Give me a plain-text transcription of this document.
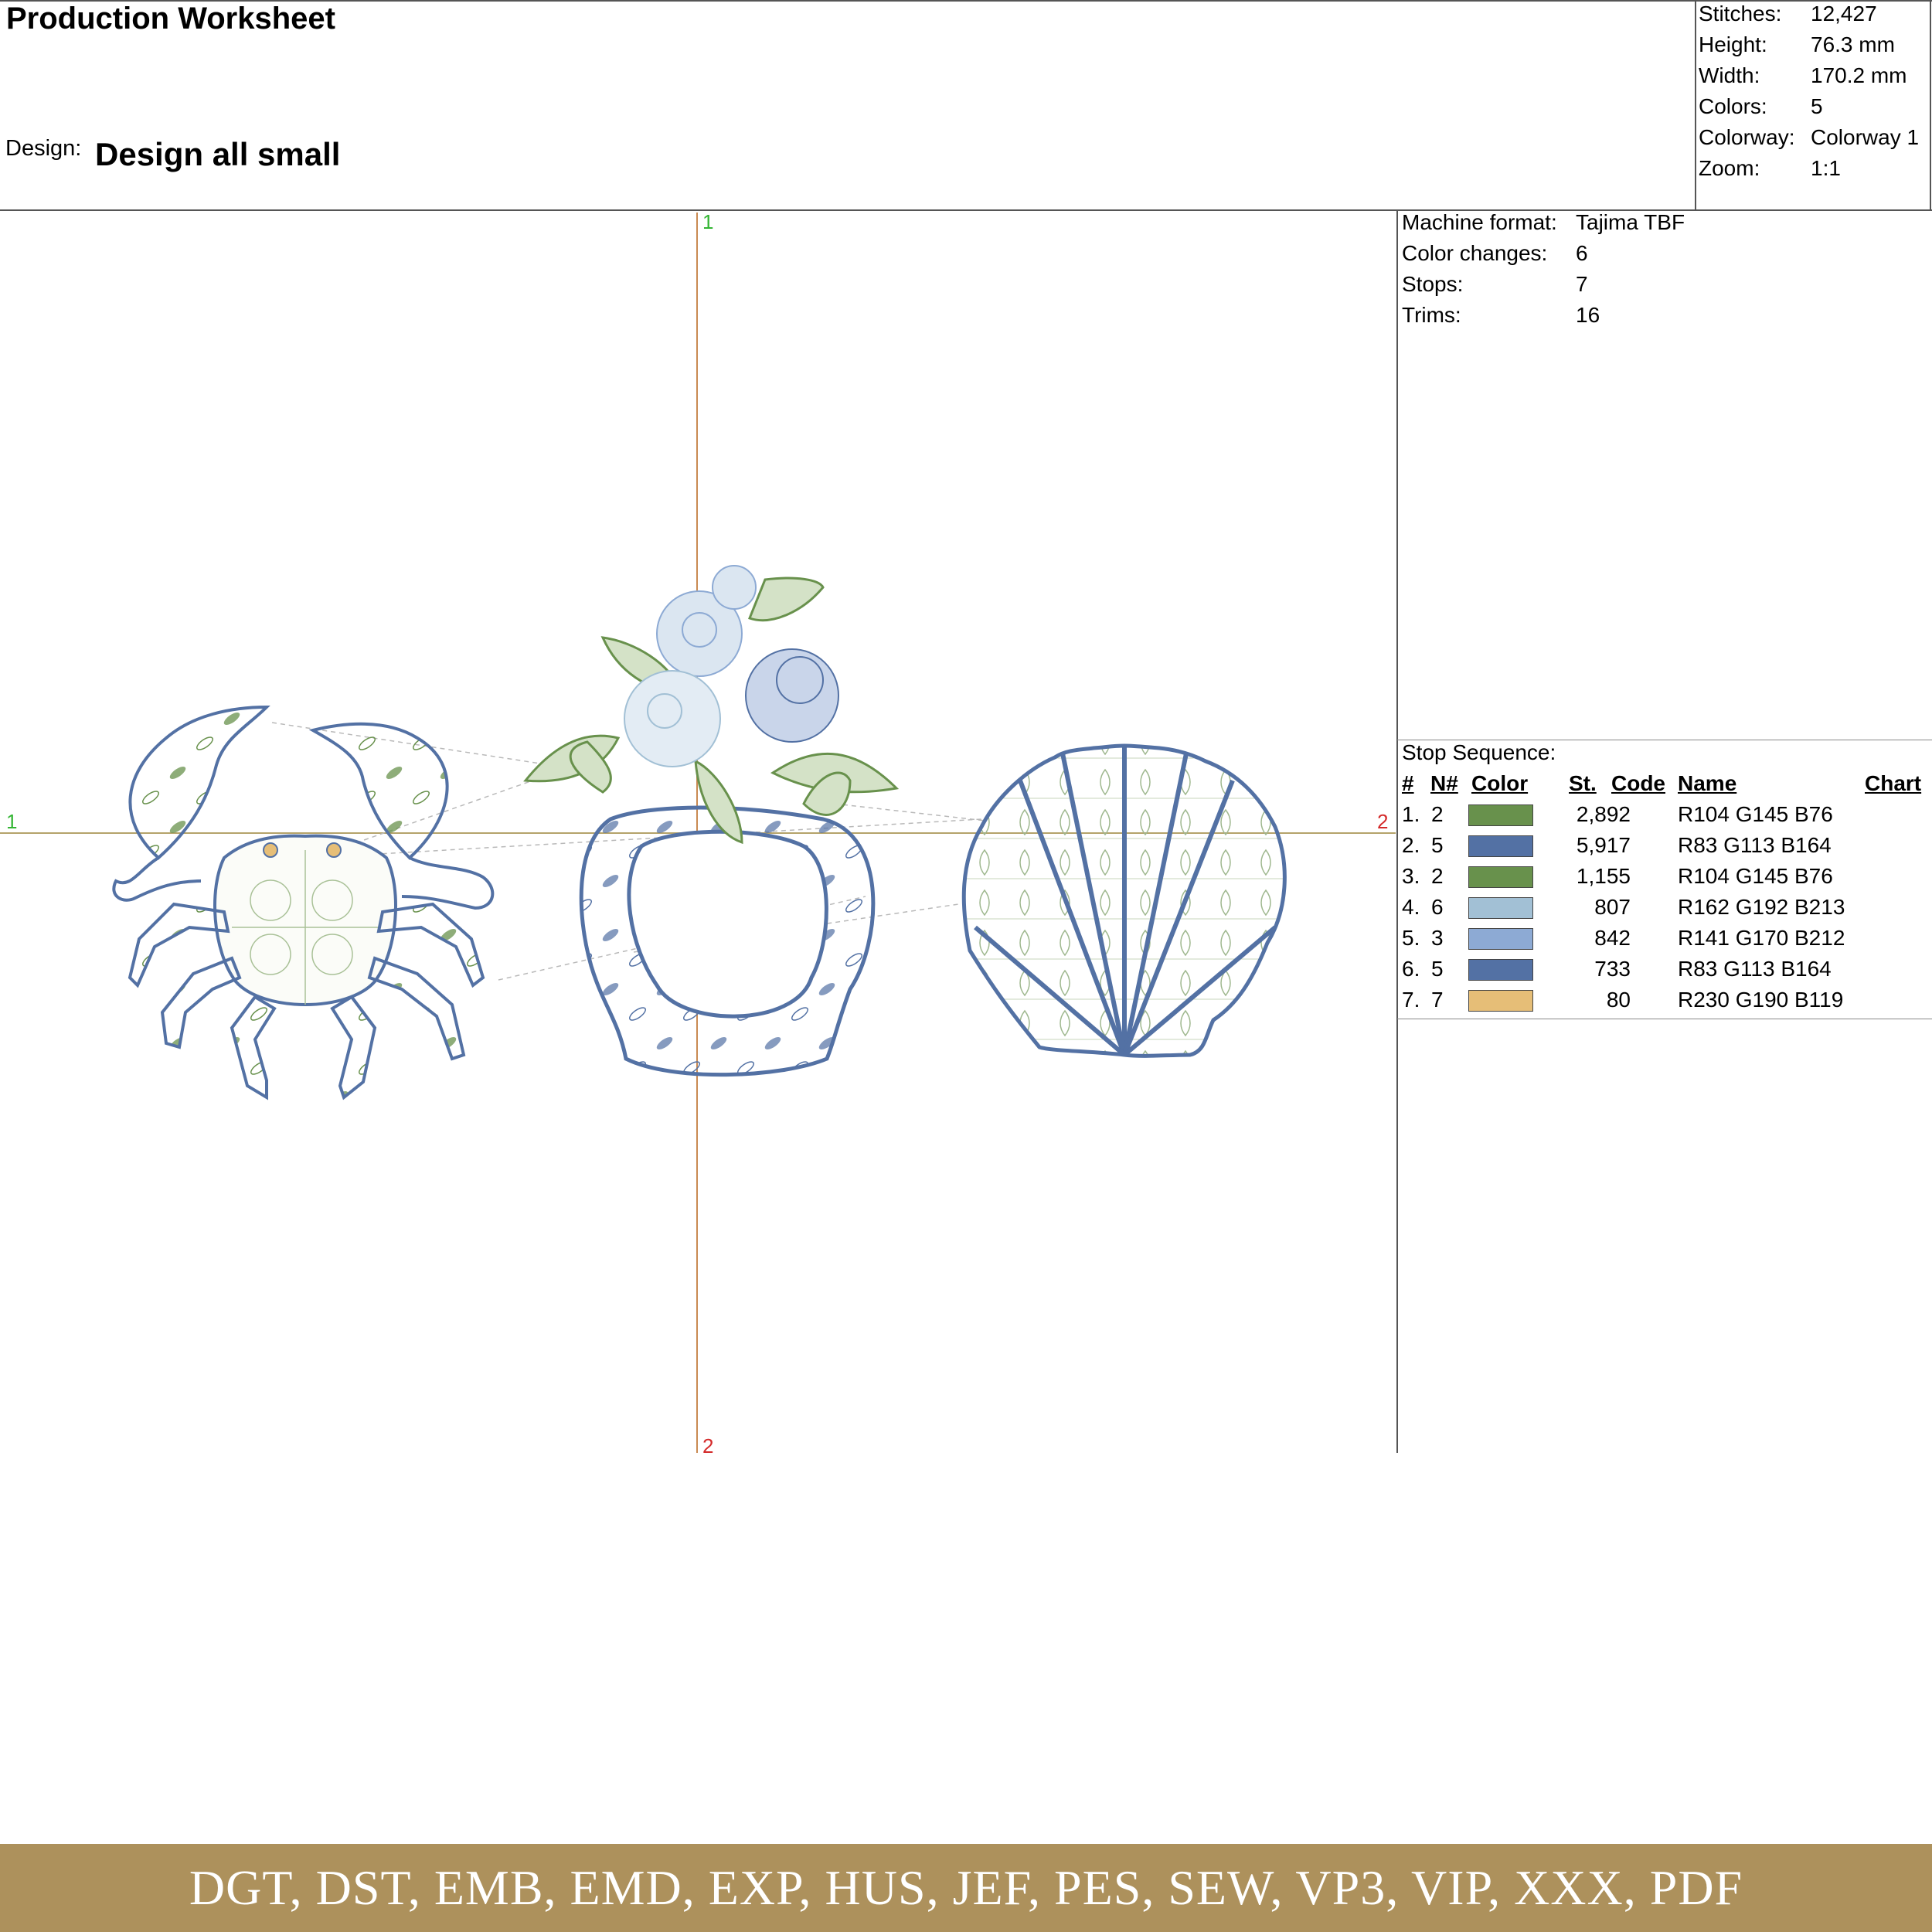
Production Worksheet
Design: Design all small
Stitches: 12,427
Height: 76.3 mm
Width: 170.2 mm
Colors: 5
Colorway: Colorway 1
Zoom: 1:1
Machine format: Tajima TBF
Color changes: 6
Stops:	7
Trims:	16
Stop Sequence:
# N# Color St. Code Name	Chart
1. 2	2,892 R104 G145 B76
2. 5	5,917 R83 G113 B164
3. 2	1,155 R104 G145 B76
4. 6	807 R162 G192 B213
5. 3	842 R141 G170 B212
6. 5	733 R83 G113 B164
7. 7	80 R230 G190 B119
1
2
1	2
DGT, DST, EMB, EMD, EXP, HUS, JEF, PES, SEW, VP3, VIP, XXX, PDF
